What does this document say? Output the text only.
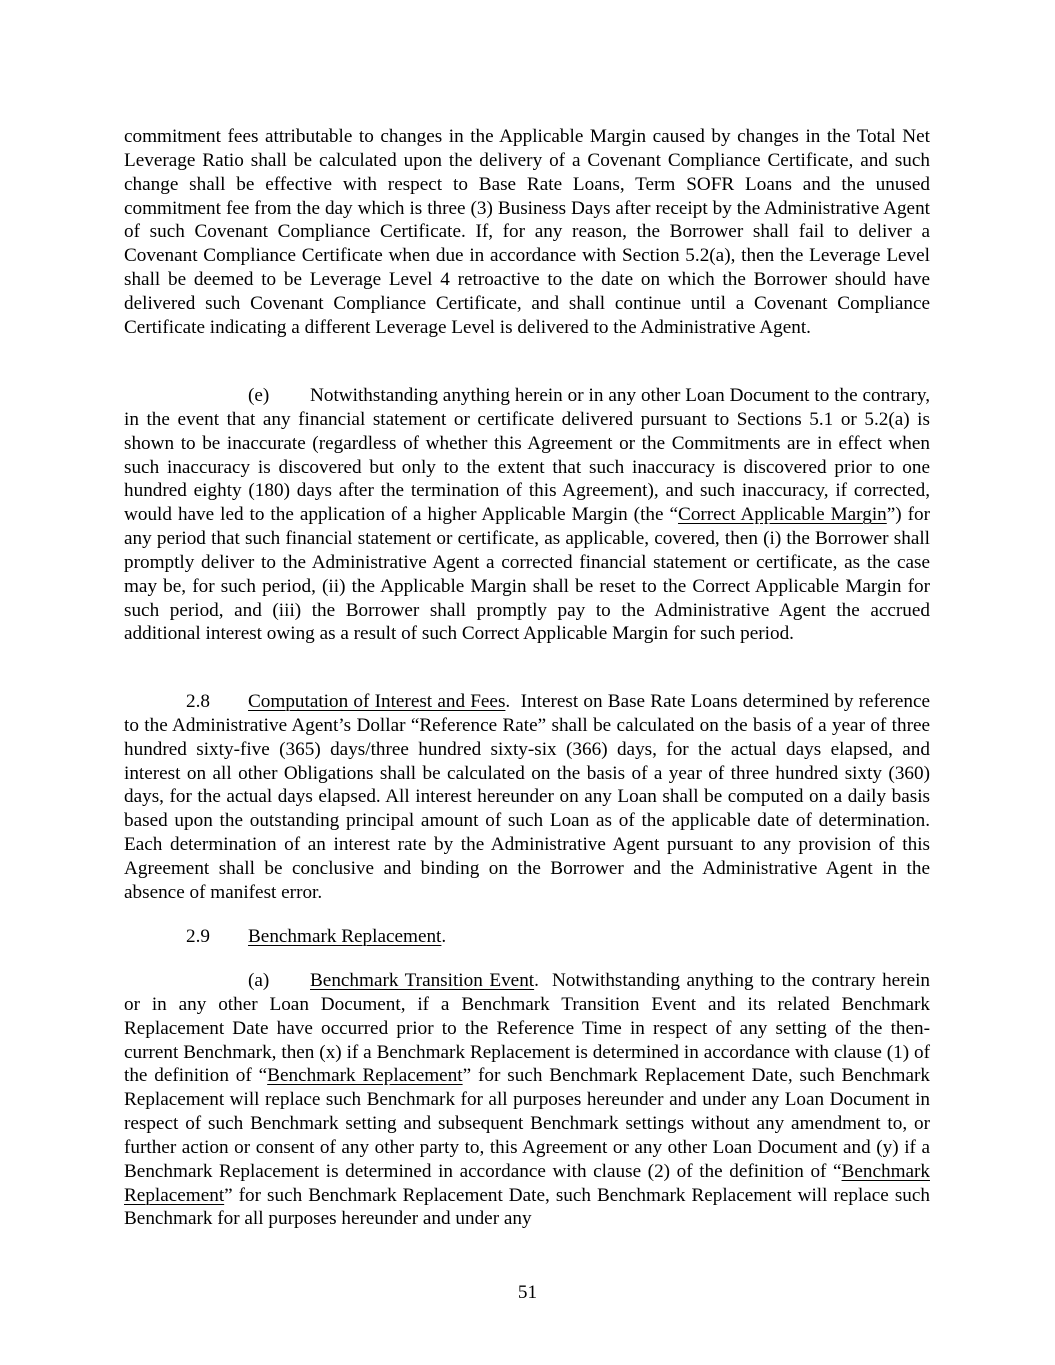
commitment fees attributable to changes in the Applicable Margin caused by changes in the Total Net Leverage Ratio shall be calculated upon the delivery of a Covenant Compliance Certificate, and such change shall be effective with respect to Base Rate Loans, Term SOFR Loans and the unused commitment fee from the day which is three (3) Business Days after receipt by the Administrative Agent of such Covenant Compliance Certificate. If, for any reason, the Borrower shall fail to deliver a Covenant Compliance Certificate when due in accordance with Section 5.2(a), then the Leverage Level shall be deemed to be Leverage Level 4 retroactive to the date on which the Borrower should have delivered such Covenant Compliance Certificate, and shall continue until a Covenant Compliance Certificate indicating a different Leverage Level is delivered to the Administrative Agent.

(e) Notwithstanding anything herein or in any other Loan Document to the contrary, in the event that any financial statement or certificate delivered pursuant to Sections 5.1 or 5.2(a) is shown to be inaccurate (regardless of whether this Agreement or the Commitments are in effect when such inaccuracy is discovered but only to the extent that such inaccuracy is discovered prior to one hundred eighty (180) days after the termination of this Agreement), and such inaccuracy, if corrected, would have led to the application of a higher Applicable Margin (the “Correct Applicable Margin”) for any period that such financial statement or certificate, as applicable, covered, then (i) the Borrower shall promptly deliver to the Administrative Agent a corrected financial statement or certificate, as the case may be, for such period, (ii) the Applicable Margin shall be reset to the Correct Applicable Margin for such period, and (iii) the Borrower shall promptly pay to the Administrative Agent the accrued additional interest owing as a result of such Correct Applicable Margin for such period.

2.8 Computation of Interest and Fees. Interest on Base Rate Loans determined by reference to the Administrative Agent’s Dollar “Reference Rate” shall be calculated on the basis of a year of three hundred sixty-five (365) days/three hundred sixty-six (366) days, for the actual days elapsed, and interest on all other Obligations shall be calculated on the basis of a year of three hundred sixty (360) days, for the actual days elapsed. All interest hereunder on any Loan shall be computed on a daily basis based upon the outstanding principal amount of such Loan as of the applicable date of determination. Each determination of an interest rate by the Administrative Agent pursuant to any provision of this Agreement shall be conclusive and binding on the Borrower and the Administrative Agent in the absence of manifest error.

2.9 Benchmark Replacement.

(a) Benchmark Transition Event. Notwithstanding anything to the contrary herein or in any other Loan Document, if a Benchmark Transition Event and its related Benchmark Replacement Date have occurred prior to the Reference Time in respect of any setting of the then-current Benchmark, then (x) if a Benchmark Replacement is determined in accordance with clause (1) of the definition of “Benchmark Replacement” for such Benchmark Replacement Date, such Benchmark Replacement will replace such Benchmark for all purposes hereunder and under any Loan Document in respect of such Benchmark setting and subsequent Benchmark settings without any amendment to, or further action or consent of any other party to, this Agreement or any other Loan Document and (y) if a Benchmark Replacement is determined in accordance with clause (2) of the definition of “Benchmark Replacement” for such Benchmark Replacement Date, such Benchmark Replacement will replace such Benchmark for all purposes hereunder and under any

51
